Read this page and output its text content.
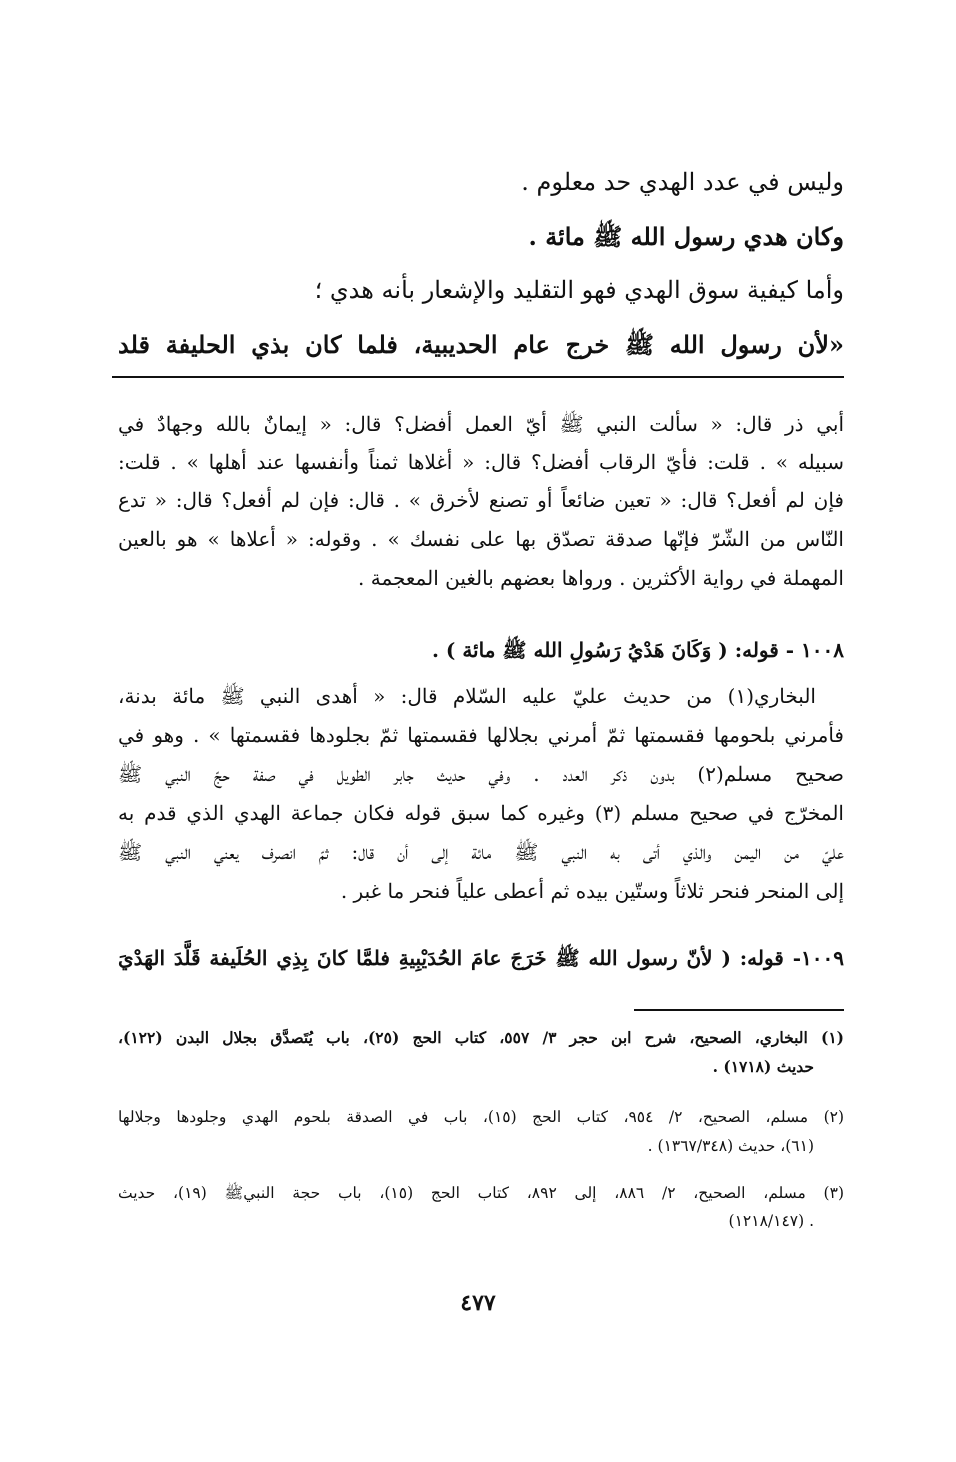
وليس في عدد الهدي حد معلوم .
وكان هدي رسول الله ﷺ مائة .
وأما كيفية سوق الهدي فهو التقليد والإشعار بأنه هدي ؛
«لأن رسول الله ﷺ خرج عام الحديبية، فلما كان بذي الحليفة قلد
أبي ذر قال: « سألت النبي ﷺ أيّ العمل أفضل؟ قال: « إيمانٌ بالله وجهادٌ في
سبيله » . قلت: فأيّ الرقاب أفضل؟ قال: « أغلاها ثمناً وأنفسها عند أهلها » . قلت:
فإن لم أفعل؟ قال: « تعين ضائعاً أو تصنع لأخرق » . قال: فإن لم أفعل؟ قال: « تدع
النّاس من الشّرّ فإنّها صدقة تصدّق بها على نفسك » . وقوله: « أعلاها » هو بالعين
المهملة في رواية الأكثرين . ورواها بعضهم بالغين المعجمة .
١٠٠٨ - قوله: ( وَكَانَ هَدْيُ رَسُولِ الله ﷺ مائة ) .
البخاري(١) من حديث عليّ عليه السّلام قال: « أهدى النبي ﷺ مائة بدنة،
فأمرني بلحومها فقسمتها ثمّ أمرني بجلالها فقسمتها ثمّ بجلودها فقسمتها » . وهو في
صحيح مسلم(٢) بدون ذكر العدد . وفي حديث جابر الطويل في صفة حجّ النبي ﷺ
المخرّج في صحيح مسلم (٣) وغيره كما سبق قوله فكان جماعة الهدي الذي قدم به
عليّ من اليمن والذي أتى به النبي ﷺ مائة إلى أن قال: ثمّ انصرف يعني النبي ﷺ
إلى المنحر فنحر ثلاثاً وستّين بيده ثم أعطى علياً فنحر ما غبر .
١٠٠٩- قوله: ( لأنّ رسول الله ﷺ خَرَجَ عامَ الحُدَيْبِيةِ فلمَّا كانَ بِذِي الحُلَيفة قَلَّدَ الهَدْيَ
(١) البخاري، الصحيح، شرح ابن حجر ٣/ ٥٥٧، كتاب الحج (٢٥)، باب يُتَصدَّق بجلال البدن (١٢٢)،
حديث (١٧١٨) .
(٢) مسلم، الصحيح، ٢/ ٩٥٤، كتاب الحج (١٥)، باب في الصدقة بلحوم الهدي وجلودها وجلالها
(٦١)، حديث (١٣٦٧/٣٤٨) .
(٣) مسلم، الصحيح، ٢/ ٨٨٦، إلى ٨٩٢، كتاب الحج (١٥)، باب حجة النبيﷺ (١٩)، حديث
(١٢١٨/١٤٧) .
٤٧٧
